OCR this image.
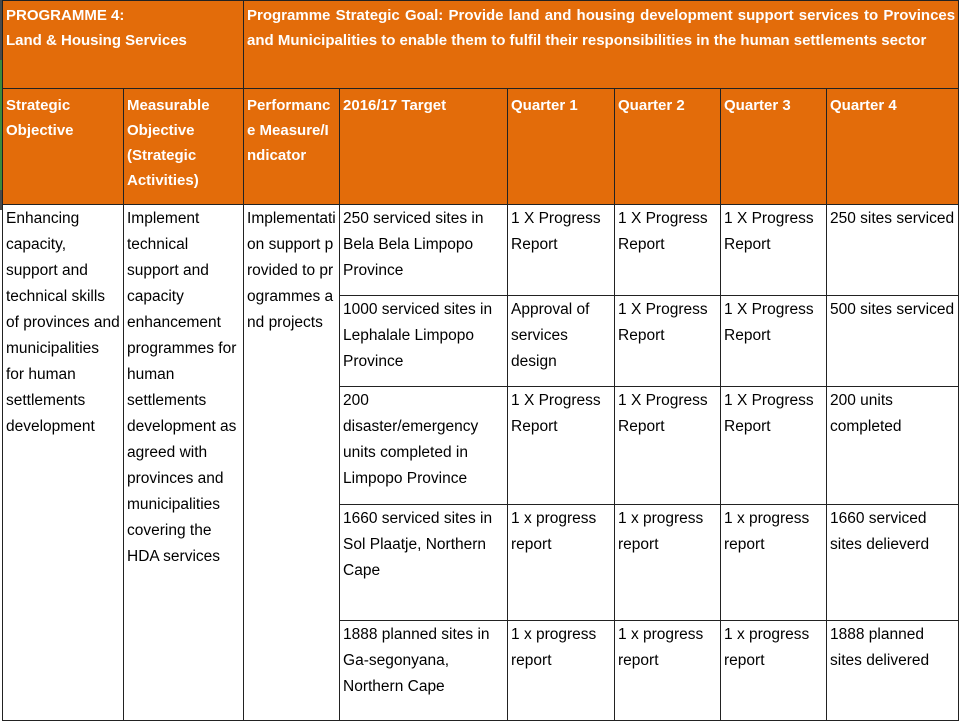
PROGRAMME 4:
Land & Housing Services		Programme Strategic Goal: Provide land and housing development support services to Provinces and Municipalities to enable them to fulfil their responsibilities in the human settlements sector					
Strategic Objective	Measurable Objective (Strategic Activities)	Performance Measure/Indicator	2016/17 Target	Quarter 1	Quarter 2	Quarter 3	Quarter 4
Enhancing capacity, support and technical skills of provinces and municipalities for human settlements development	Implement technical support and capacity enhancement programmes for human settlements development as agreed with provinces and municipalities covering the HDA services	Implementation support provided to programmes and projects	250 serviced sites in Bela Bela Limpopo Province	1 X Progress Report	1 X Progress Report	1 X Progress Report	250 sites serviced
			1000 serviced sites in Lephalale Limpopo Province	Approval of services design	1 X Progress Report	1 X Progress Report	500 sites serviced
			200 disaster/emergency units completed in Limpopo Province	1 X Progress Report	1 X Progress Report	1 X Progress Report	200 units completed
			1660 serviced sites in Sol Plaatje, Northern Cape	1 x progress report	1 x progress report	1 x progress report	1660 serviced sites delieverd
			1888 planned sites in Ga-segonyana, Northern Cape	1 x progress report	1 x progress report	1 x progress report	1888 planned sites delivered
